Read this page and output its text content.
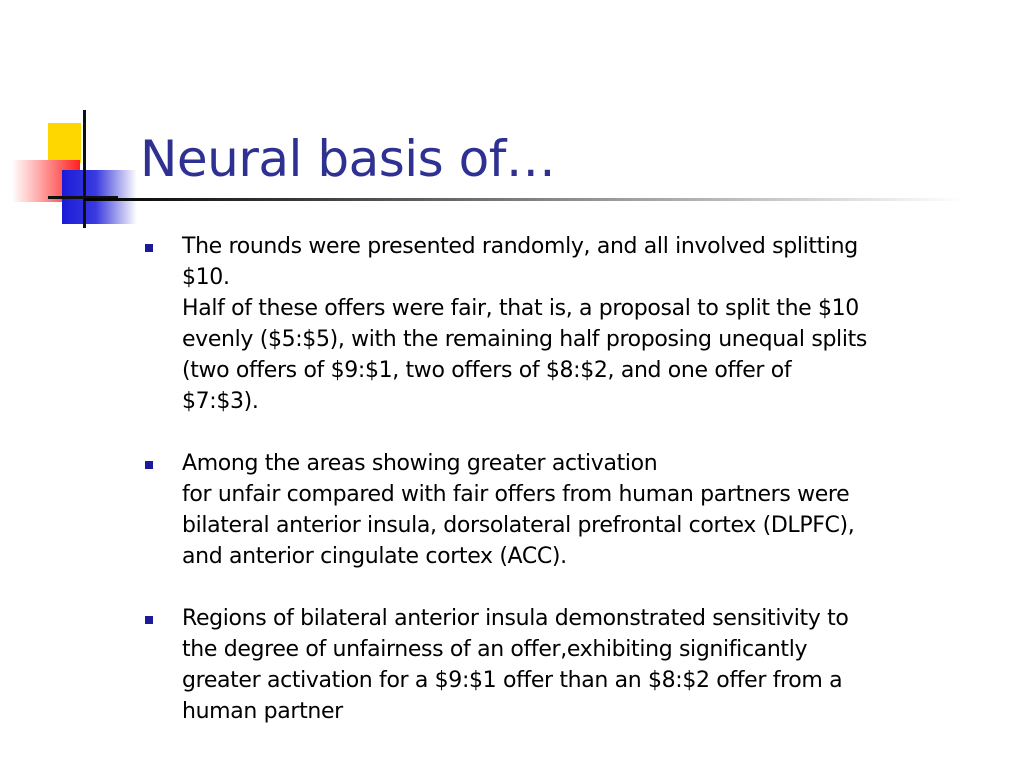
Neural basis of…
The rounds were presented randomly, and all involved splitting
$10.
Half of these offers were fair, that is, a proposal to split the $10
evenly ($5:$5), with the remaining half proposing unequal splits
(two offers of $9:$1, two offers of $8:$2, and one offer of
$7:$3).
Among the areas showing greater activation
for unfair compared with fair offers from human partners were
bilateral anterior insula, dorsolateral prefrontal cortex (DLPFC),
and anterior cingulate cortex (ACC).
Regions of bilateral anterior insula demonstrated sensitivity to
the degree of unfairness of an offer,exhibiting significantly
greater activation for a $9:$1 offer than an $8:$2 offer from a
human partner
